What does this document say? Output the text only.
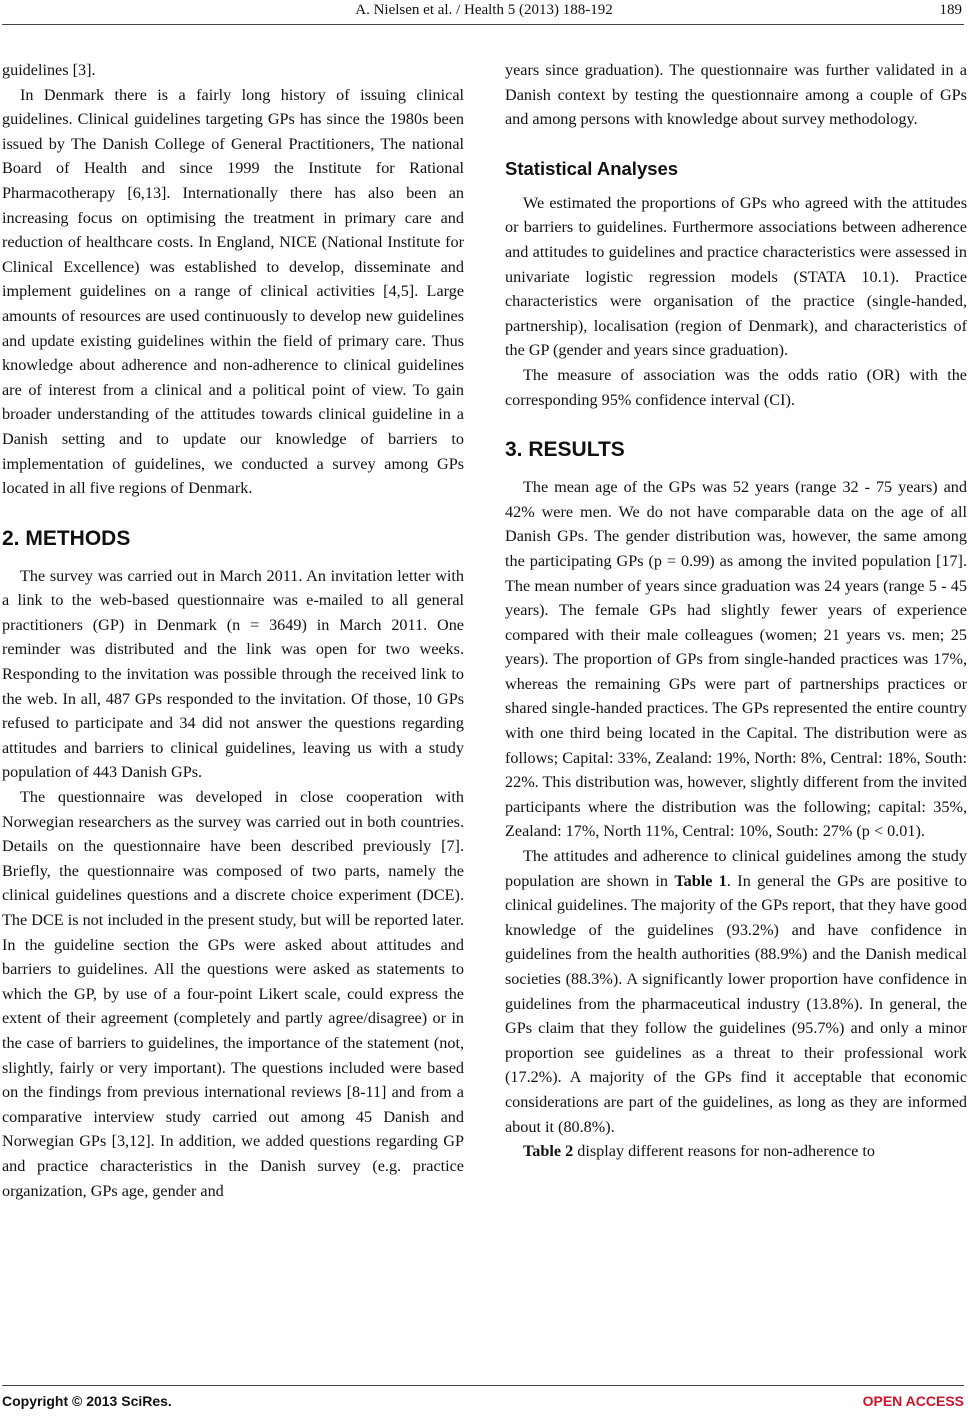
A. Nielsen et al. / Health 5 (2013) 188-192	189

guidelines [3].

In Denmark there is a fairly long history of issuing clinical guidelines. Clinical guidelines targeting GPs has since the 1980s been issued by The Danish College of General Practitioners, The national Board of Health and since 1999 the Institute for Rational Pharmacotherapy [6,13]. Internationally there has also been an increasing focus on optimising the treatment in primary care and reduction of healthcare costs. In England, NICE (National Institute for Clinical Excellence) was established to develop, disseminate and implement guidelines on a range of clinical activities [4,5]. Large amounts of resources are used continuously to develop new guidelines and update existing guidelines within the field of primary care. Thus knowledge about adherence and non-adherence to clinical guidelines are of interest from a clinical and a political point of view. To gain broader understanding of the attitudes towards clinical guideline in a Danish setting and to update our knowledge of barriers to implementation of guidelines, we conducted a survey among GPs located in all five regions of Denmark.

2. METHODS

The survey was carried out in March 2011. An invitation letter with a link to the web-based questionnaire was e-mailed to all general practitioners (GP) in Denmark (n = 3649) in March 2011. One reminder was distributed and the link was open for two weeks. Responding to the invitation was possible through the received link to the web. In all, 487 GPs responded to the invitation. Of those, 10 GPs refused to participate and 34 did not answer the questions regarding attitudes and barriers to clinical guidelines, leaving us with a study population of 443 Danish GPs.

The questionnaire was developed in close cooperation with Norwegian researchers as the survey was carried out in both countries. Details on the questionnaire have been described previously [7]. Briefly, the questionnaire was composed of two parts, namely the clinical guidelines questions and a discrete choice experiment (DCE). The DCE is not included in the present study, but will be reported later. In the guideline section the GPs were asked about attitudes and barriers to guidelines. All the questions were asked as statements to which the GP, by use of a four-point Likert scale, could express the extent of their agreement (completely and partly agree/disagree) or in the case of barriers to guidelines, the importance of the statement (not, slightly, fairly or very important). The questions included were based on the findings from previous international reviews [8-11] and from a comparative interview study carried out among 45 Danish and Norwegian GPs [3,12]. In addition, we added questions regarding GP and practice characteristics in the Danish survey (e.g. practice organization, GPs age, gender and

years since graduation). The questionnaire was further validated in a Danish context by testing the questionnaire among a couple of GPs and among persons with knowledge about survey methodology.

Statistical Analyses

We estimated the proportions of GPs who agreed with the attitudes or barriers to guidelines. Furthermore associations between adherence and attitudes to guidelines and practice characteristics were assessed in univariate logistic regression models (STATA 10.1). Practice characteristics were organisation of the practice (single-handed, partnership), localisation (region of Denmark), and characteristics of the GP (gender and years since graduation).

The measure of association was the odds ratio (OR) with the corresponding 95% confidence interval (CI).

3. RESULTS

The mean age of the GPs was 52 years (range 32 - 75 years) and 42% were men. We do not have comparable data on the age of all Danish GPs. The gender distribution was, however, the same among the participating GPs (p = 0.99) as among the invited population [17]. The mean number of years since graduation was 24 years (range 5 - 45 years). The female GPs had slightly fewer years of experience compared with their male colleagues (women; 21 years vs. men; 25 years). The proportion of GPs from single-handed practices was 17%, whereas the remaining GPs were part of partnerships practices or shared single-handed practices. The GPs represented the entire country with one third being located in the Capital. The distribution were as follows; Capital: 33%, Zealand: 19%, North: 8%, Central: 18%, South: 22%. This distribution was, however, slightly different from the invited participants where the distribution was the following; capital: 35%, Zealand: 17%, North 11%, Central: 10%, South: 27% (p < 0.01).

The attitudes and adherence to clinical guidelines among the study population are shown in Table 1. In general the GPs are positive to clinical guidelines. The majority of the GPs report, that they have good knowledge of the guidelines (93.2%) and have confidence in guidelines from the health authorities (88.9%) and the Danish medical societies (88.3%). A significantly lower proportion have confidence in guidelines from the pharmaceutical industry (13.8%). In general, the GPs claim that they follow the guidelines (95.7%) and only a minor proportion see guidelines as a threat to their professional work (17.2%). A majority of the GPs find it acceptable that economic considerations are part of the guidelines, as long as they are informed about it (80.8%).

Table 2 display different reasons for non-adherence to

Copyright © 2013 SciRes.	OPEN ACCESS
